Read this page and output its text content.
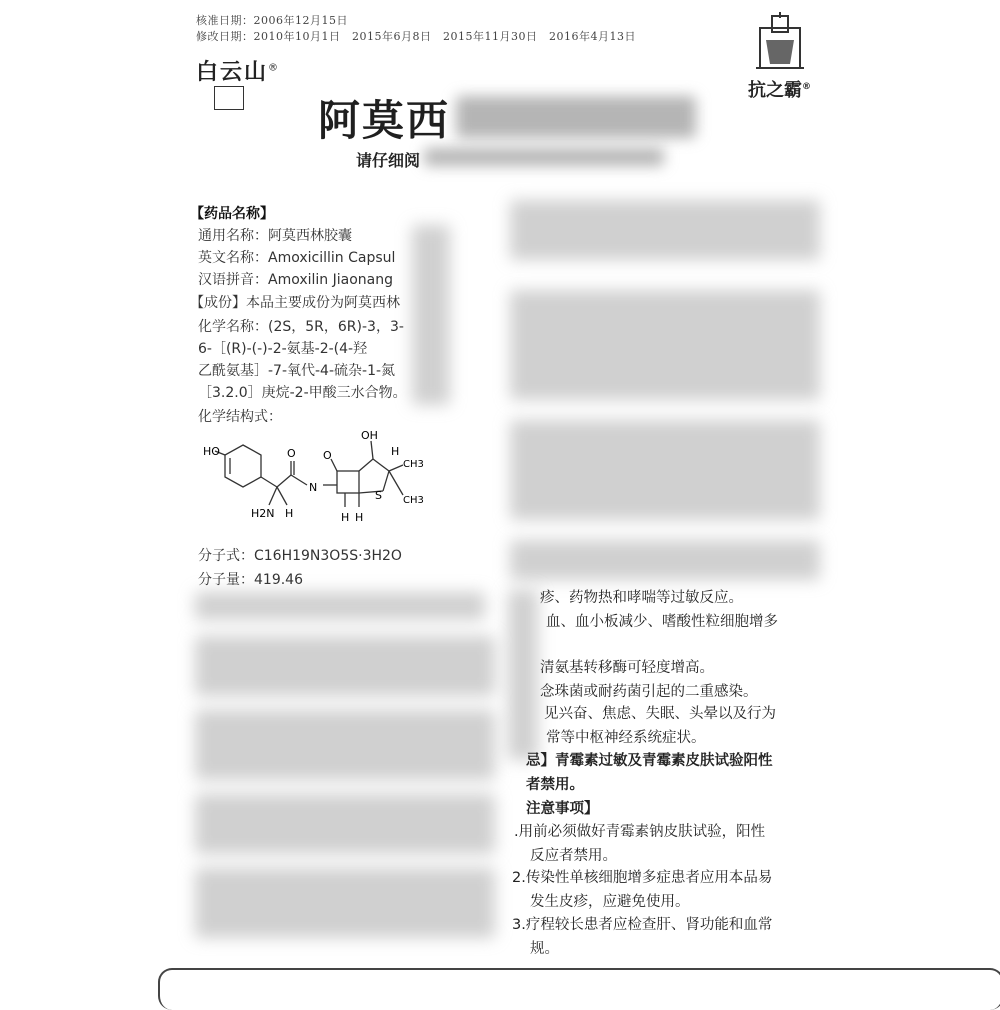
核准日期：2006年12月15日
修改日期：2010年10月1日　2015年6月8日　2015年11月30日　2016年4月13日
白云山®
抗之霸®
阿莫西
请仔细阅
【药品名称】
通用名称：阿莫西林胶囊
英文名称：Amoxicillin Capsul
汉语拼音：Amoxilin Jiaonang
【成份】本品主要成份为阿莫西林
化学名称：(2S，5R，6R)-3，3-
6-［(R)-(-)-2-氨基-2-(4-羟
乙酰氨基］-7-氧代-4-硫杂-1-氮
［3.2.0］庚烷-2-甲酸三水合物。
化学结构式：
HO	O
OH
O	H
N
H2N H	H H
S
CH3
CH3
分子式：C16H19N3O5S·3H2O
分子量：419.46
疹、药物热和哮喘等过敏反应。
血、血小板减少、嗜酸性粒细胞增多
清氨基转移酶可轻度增高。
念珠菌或耐药菌引起的二重感染。
见兴奋、焦虑、失眠、头晕以及行为
常等中枢神经系统症状。
忌】青霉素过敏及青霉素皮肤试验阳性
者禁用。
注意事项】
.用前必须做好青霉素钠皮肤试验，阳性
反应者禁用。
2.传染性单核细胞增多症患者应用本品易
发生皮疹，应避免使用。
3.疗程较长患者应检查肝、肾功能和血常
规。
